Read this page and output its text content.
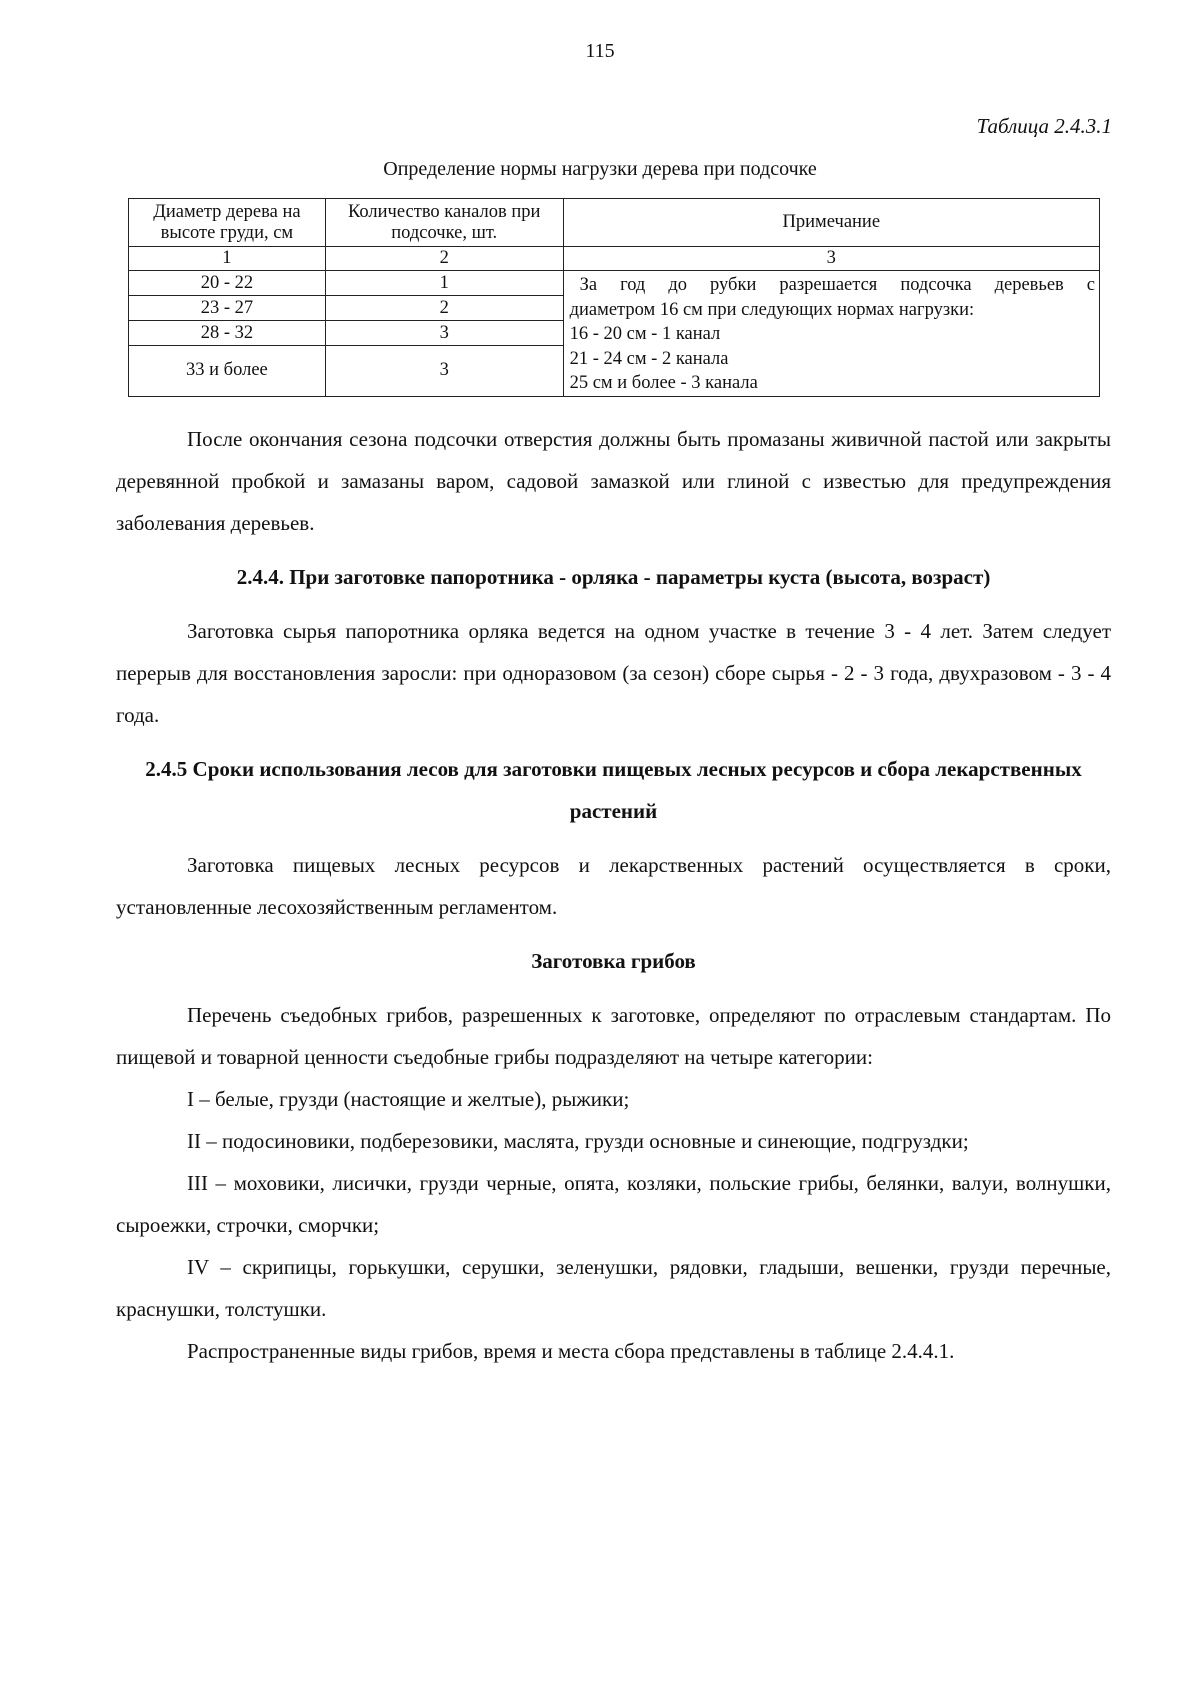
115
Таблица 2.4.3.1
Определение нормы нагрузки дерева при подсочке
Диаметр дерева на высоте груди, см	Количество каналов при подсочке, шт.	Примечание
1	2	3
20 - 22	1	За год до рубки разрешается подсочка деревьев с
диаметром 16 см при следующих нормах нагрузки:
16 - 20 см - 1 канал
21 - 24 см - 2 канала
25 см и более - 3 канала

23 - 27	2	
28 - 32	3	
33 и более	3	

После окончания сезона подсочки отверстия должны быть промазаны живичной пастой или закрыты деревянной пробкой и замазаны варом, садовой замазкой или глиной с известью для предупреждения заболевания деревьев.

2.4.4. При заготовке папоротника - орляка - параметры куста (высота, возраст)

Заготовка сырья папоротника орляка ведется на одном участке в течение 3 - 4 лет. Затем следует перерыв для восстановления заросли: при одноразовом (за сезон) сборе сырья - 2 - 3 года, двухразовом - 3 - 4 года.

2.4.5 Сроки использования лесов для заготовки пищевых лесных ресурсов и сбора лекарственных растений

Заготовка пищевых лесных ресурсов и лекарственных растений осуществляется в сроки, установленные лесохозяйственным регламентом.

Заготовка грибов

Перечень съедобных грибов, разрешенных к заготовке, определяют по отраслевым стандартам. По пищевой и товарной ценности съедобные грибы подразделяют на четыре категории:

I – белые, грузди (настоящие и желтые), рыжики;

II – подосиновики, подберезовики, маслята, грузди основные и синеющие, подгруздки;

III – моховики, лисички, грузди черные, опята, козляки, польские грибы, белянки, валуи, волнушки, сыроежки, строчки, сморчки;

IV – скрипицы, горькушки, серушки, зеленушки, рядовки, гладыши, вешенки, грузди перечные, краснушки, толстушки.

Распространенные виды грибов, время и места сбора представлены в таблице 2.4.4.1.
